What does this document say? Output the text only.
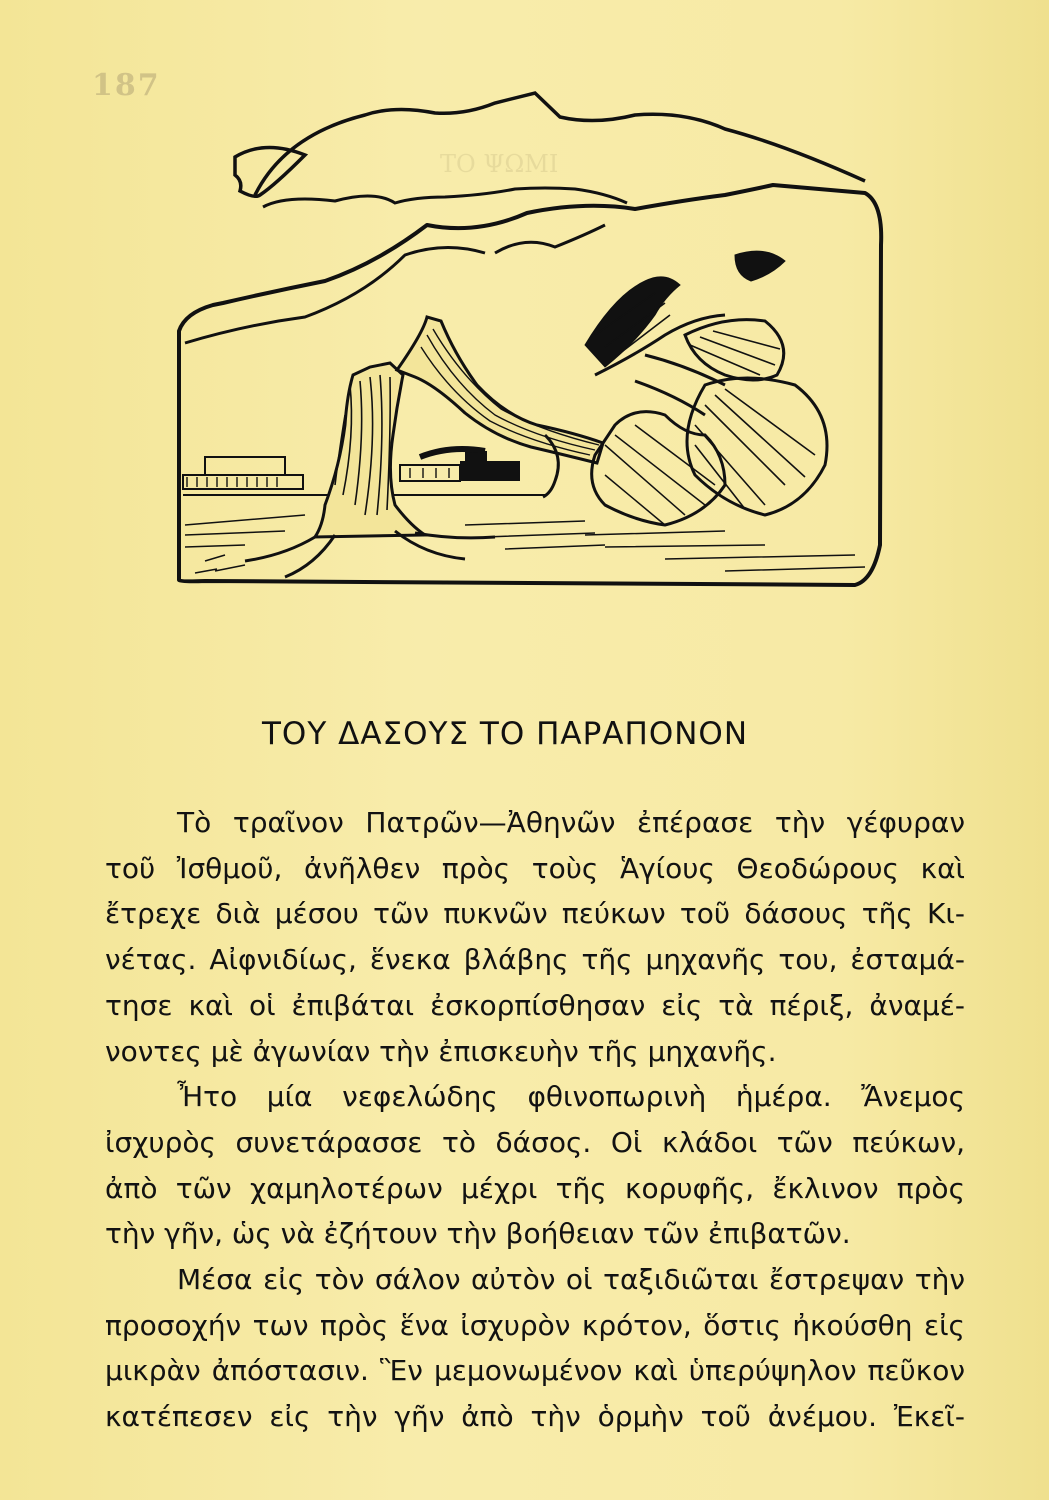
187
ΤΟ ΨΩΜΙ
ΤΟΥ ΔΑΣΟΥΣ ΤΟ ΠΑΡΑΠΟΝΟΝ
Τὸ τραῖνον Πατρῶν—Ἀθηνῶν ἐπέρασε τὴν γέφυραν
τοῦ Ἰσθμοῦ, ἀνῆλθεν πρὸς τοὺς Ἁγίους Θεοδώρους καὶ
ἔτρεχε διὰ μέσου τῶν πυκνῶν πεύκων τοῦ δάσους τῆς Κι-
νέτας. Αἰφνιδίως, ἕνεκα βλάβης τῆς μηχανῆς του, ἐσταμά-
τησε καὶ οἱ ἐπιβάται ἐσκορπίσθησαν εἰς τὰ πέριξ, ἀναμέ-
νοντες μὲ ἀγωνίαν τὴν ἐπισκευὴν τῆς μηχανῆς.
Ἦτο μία νεφελώδης φθινοπωρινὴ ἡμέρα. Ἄνεμος
ἰσχυρὸς συνετάρασσε τὸ δάσος. Οἱ κλάδοι τῶν πεύκων,
ἀπὸ τῶν χαμηλοτέρων μέχρι τῆς κορυφῆς, ἔκλινον πρὸς
τὴν γῆν, ὡς νὰ ἐζήτουν τὴν βοήθειαν τῶν ἐπιβατῶν.
Μέσα εἰς τὸν σάλον αὐτὸν οἱ ταξιδιῶται ἔστρεψαν τὴν
προσοχήν των πρὸς ἕνα ἰσχυρὸν κρότον, ὅστις ἠκούσθη εἰς
μικρὰν ἀπόστασιν. Ἓν μεμονωμένον καὶ ὑπερύψηλον πεῦκον
κατέπεσεν εἰς τὴν γῆν ἀπὸ τὴν ὁρμὴν τοῦ ἀνέμου. Ἐκεῖ-
